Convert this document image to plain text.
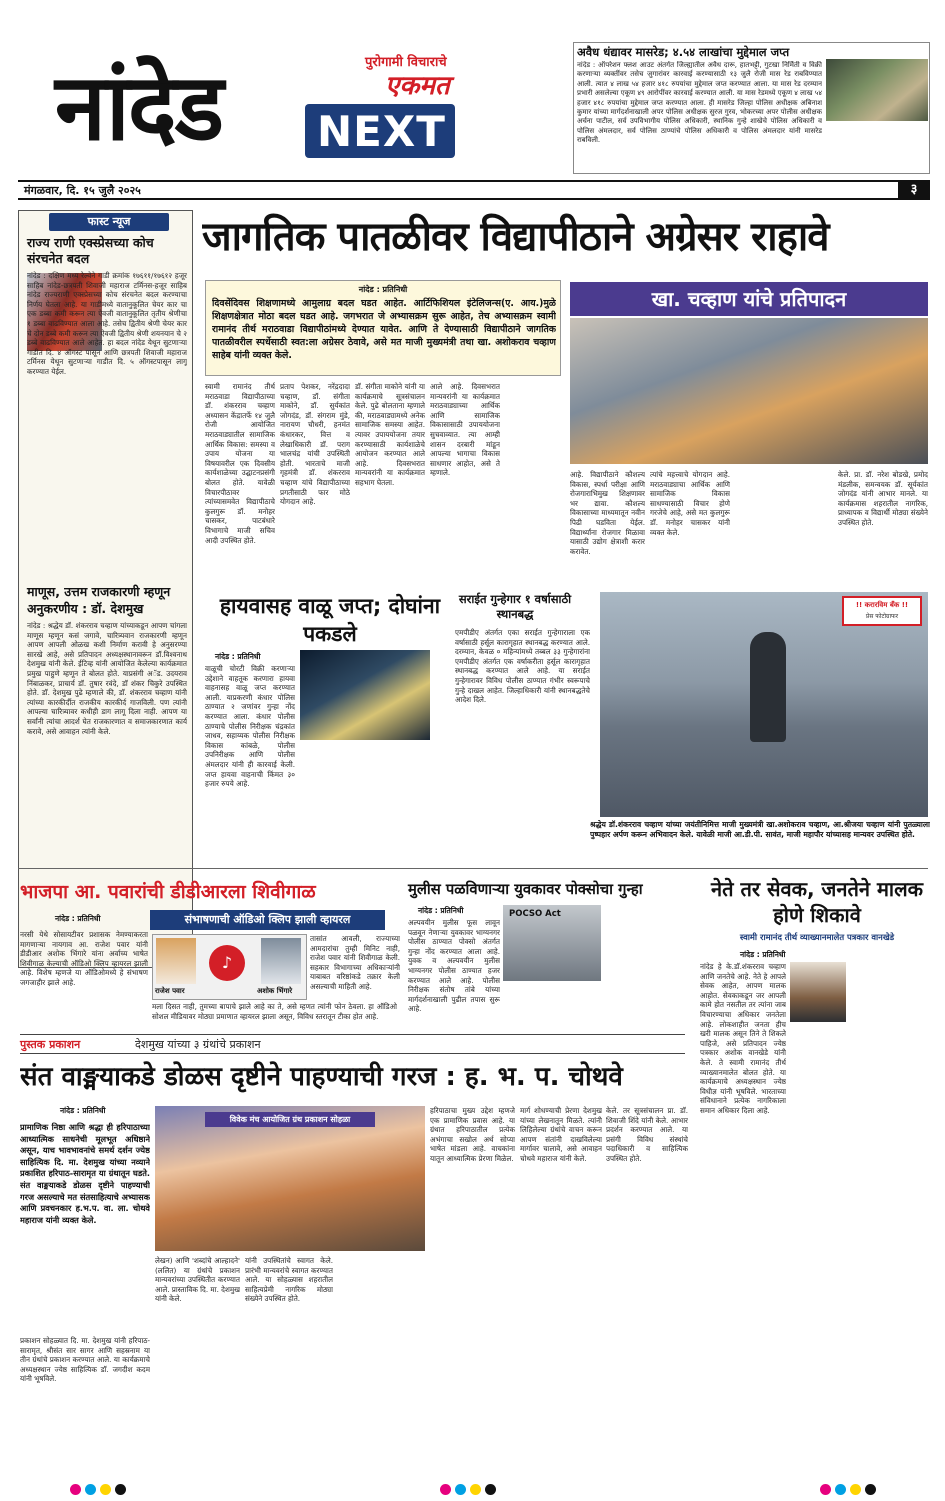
नांदेड	पुरोगामी विचाराचे
एकमत
NEXT
मंगळवार, दि. १५ जुलै २०२५	३
अवैध धंद्यावर मासरेड; ४.५४ लाखांचा मुद्देमाल जप्त
नांदेड : ऑपरेशन फ्लश आउट अंतर्गत जिल्ह्यातील अवैध दारू, हातभट्टी, गुटखा निर्मिती व विक्री करणाऱ्या व्यक्तींवर तसेच जुगारांवर कारवाई करण्यासाठी १३ जुलै रोजी मास रेड राबविण्यात आली. त्यात ४ लाख ५४ हजार ४१८ रुपयांचा मुद्देमाल जप्त करण्यात आला. या मास रेड दरम्यान प्रभारी असलेल्या एकूण ४९ आरोपींवर कारवाई करण्यात आली. या मास रेडमध्ये एकूण ४ लाख ५४ हजार ४१८ रुपयांचा मुद्देमाल जप्त करण्यात आला. ही मासरेड जिल्हा पोलिस अधीक्षक अबिनाश कुमार यांच्या मार्गदर्शनाखाली अपर पोलिस अधीक्षक सुरज गुरव, भोकरच्या अपर पोलीस अधीक्षक अर्चना पाटील, सर्व उपविभागीय पोलिस अधिकारी, स्थानिक गुन्हे शाखेचे पोलिस अधिकारी व पोलिस अंमलदार, सर्व पोलिस ठाण्यांचे पोलिस अधिकारी व पोलिस अंमलदार यांनी मासरेड राबविली.
फास्ट न्यूज
राज्य राणी एक्स्प्रेसच्या कोच संरचनेत बदल
नांदेड : दक्षिण मध्य रेल्वेने गाडी क्रमांक १७६११/१७६१२ हजूर साहिब नांदेड-छत्रपती शिवाजी महाराज टर्मिनस-हजूर साहिब नांदेड राज्यराणी एक्स्प्रेसच्या कोच संरचनेत बदल करण्याचा निर्णय घेतला आहे. या गाडीमध्ये वातानुकूलित चेयर कार चा एक डब्बा कमी करून त्या ऐवजी वातानुकूलित तृतीय श्रेणीचा १ डब्बा वाढविण्यात आला आहे. तसेच द्वितीय श्रेणी चेयर कार चे दोन डब्बे कमी करून त्या ऐवजी द्वितीय श्रेणी शयनयान चे २ डब्बे वाढविण्यात आले आहेत. हा बदल नांदेड येथून सुटणाऱ्या गाडीत दि. ४ ऑगस्ट पासून आणि छत्रपती शिवाजी महाराज टर्मिनस येथून सुटणाऱ्या गाडीत दि. ५ ऑगस्टपासून लागू करण्यात येईल.
माणूस, उत्तम राजकारणी म्हणून अनुकरणीय : डॉ. देशमुख
नांदेड : श्रद्धेय डॉ. शंकरराव चव्हाण यांच्याकडून आपण चांगला माणूस म्हणून कसं जगावे, चारित्र्यवान राजकारणी म्हणून आपण आपली ओळख कशी निर्माण करावी हे अनुसरण्या सारखे आहे, असे प्रतिपादन अध्यक्षस्थानावरून डॉ.विश्वनाथ देशमुख यांनी केले. ईटिव्ह यांनी आयोजित केलेल्या कार्यक्रमात प्रमुख पाहुणे म्हणून ते बोलत होते. याप्रसंगी अॅड. उदयराव निंबाळकर, प्राचार्य डॉ. तुषार रवंदे, डॉ शंकर चिकुरे उपस्थित होते. डॉ. देशमुख पुढे म्हणाले की, डॉ. शंकरराव चव्हाण यांनी त्यांच्या कारकीर्दीत राजकीय कारकीर्द गाजविली. पण त्यांनी आपल्या चारित्र्यावर कधीही डाग लागू दिला नाही. आपण या सर्वांनी त्यांचा आदर्श घेत राजकारणात व समाजकारणात कार्य करावे, असे आवाहन त्यांनी केले.
जागतिक पातळीवर विद्यापीठाने अग्रेसर राहावे
नांदेड : प्रतिनिधी
दिवसेंदिवस शिक्षणामध्ये आमुलाग्र बदल घडत आहेत. आर्टिफिशियल इंटेलिजन्स(ए. आय.)मुळे शिक्षणक्षेत्रात मोठा बदल घडत आहे. जगभरात जे अभ्यासक्रम सुरू आहेत, तेच अभ्यासक्रम स्वामी रामानंद तीर्थ मराठवाडा विद्यापीठांमध्ये देण्यात यावेत. आणि ते देण्यासाठी विद्यापीठाने जागतिक पातळीवरील स्पर्धेसाठी स्वत:ला अग्रेसर ठेवावे, असे मत माजी मुख्यमंत्री तथा खा. अशोकराव चव्हाण साहेब यांनी व्यक्त केले.
खा. चव्हाण यांचे प्रतिपादन
स्वामी रामानंद तीर्थ मराठवाडा विद्यापीठाच्या डॉ. शंकरराव चव्हाण अध्यासन केंद्रातर्फे १४ जुलै रोजी आयोजित मराठवाड्यातील सामाजिक आर्थिक विकास: समस्या व उपाय योजना या विषयावरील एक दिवसीय कार्यशाळेच्या उद्घाटनप्रसंगी बोलत होते. यावेळी विचारपीठावर त्यांच्यासमवेत विद्यापीठाचे कुलगुरू डॉ. मनोहर चासकर, पाटबंधारे विभागाचे माजी सचिव आदी उपस्थित होते.
प्रताप पेशकर, नरेंद्रदादा चव्हाण, डॉ. संगीता माकोने, डॉ. सुर्यकांत जोगदंड, डॉ. संगराम मुंडे, नारायण चौधरी, हनमंत कंधारकर, वित्त व लेखाधिकारी डॉ. पराग भालचंद्र यांची उपस्थिती होती. भारताचे माजी गृहमंत्री डॉ. शंकरराव चव्हाण यांचे विद्यापीठाच्या प्रगतीसाठी फार मोठे योगदान आहे.
डॉ. संगीता माकोने यांनी या कार्यक्रमाचे सूत्रसंचालन केले. पुढे बोलताना म्हणाले की, मराठवाड्यामध्ये अनेक सामाजिक समस्या आहेत. त्यावर उपाययोजना तयार करण्यासाठी कार्यशाळेचे आयोजन करण्यात आले आहे. दिवसभरात मान्यवरांनी या कार्यक्रमात सहभाग घेतला.
आले आहे. दिवसभरात मान्यवरांनी या कार्यक्रमात मराठवाड्याच्या आर्थिक आणि सामाजिक विकासासाठी उपाययोजना सुचवाव्यात. त्या आम्ही शासन दरबारी मांडून आपल्या भागाचा विकास साधणार आहोत, असे ते म्हणाले.	आहे. विद्यापीठाने कौशल्य विकास, स्पर्धा परीक्षा आणि रोजगाराभिमुख शिक्षणावर भर द्यावा. कौशल्य विकासाच्या माध्यमातून नवीन पिढी घडविता येईल. विद्यार्थ्यांना रोजगार मिळावा यासाठी उद्योग क्षेत्राशी करार करावेत.
त्यांचे महत्त्वाचे योगदान आहे. मराठवाड्याचा आर्थिक आणि सामाजिक विकास साधण्यासाठी विचार होणे गरजेचे आहे, असे मत कुलगुरू डॉ. मनोहर चासकर यांनी व्यक्त केले.
केले. प्रा. डॉ. नरेश बोडखे, प्रमोद मंडलीक, समन्वयक डॉ. सूर्यकांत जोगदंड यांनी आभार मानले. या कार्यक्रमास शहरातील नागरिक, प्राध्यापक व विद्यार्थी मोठ्या संख्येने उपस्थित होते.
हायवासह वाळू जप्त; दोघांना पकडले
नांदेड : प्रतिनिधी
वाळूची चोरटी विक्री करणाऱ्या उद्देशाने वाहतूक करणारा हायवा वाहनासह वाळू जप्त करण्यात आली. याप्रकरणी कंधार पोलिस ठाण्यात २ जणांवर गुन्हा नोंद करण्यात आला. कंधार पोलीस ठाण्याचे पोलीस निरीक्षक चंद्रकांत जाधव, सहाय्यक पोलीस निरीक्षक विकास कांबळे, पोलीस उपनिरीक्षक आणि पोलीस अंमलदार यांनी ही कारवाई केली. जप्त हायवा वाहनाची किंमत ३० हजार रुपये आहे.
सराईत गुन्हेगार १ वर्षासाठी स्थानबद्ध
एमपीडीए अंतर्गत एका सराईत गुन्हेगाराला एक वर्षासाठी हर्सूल कारागृहात स्थानबद्ध करण्यात आले. दरम्यान, केवळ ० महिन्यांमध्ये तब्बल ३३ गुन्हेगारांना एमपीडीए अंतर्गत एक वर्षाकरीता हर्सूल कारागृहात स्थानबद्ध करण्यात आले आहे. या सराईत गुन्हेगारावर विविध पोलीस ठाण्यात गंभीर स्वरूपाचे गुन्हे दाखल आहेत. जिल्हाधिकारी यांनी स्थानबद्धतेचे आदेश दिले.
!! करारविम बँक !!
प्रेस फोटोग्राफर
श्रद्धेय डॉ.शंकरराव चव्हाण यांच्या जयंतीनिमित्त माजी मुख्यमंत्री खा.अशोकराव चव्हाण, आ.श्रीजया चव्हाण यांनी पुतळ्याला पुष्पहार अर्पण करून अभिवादन केले. यावेळी माजी आ.डी.पी. सावंत, माजी महापौर यांच्यासह मान्यवर उपस्थित होते.
भाजपा आ. पवारांची डीडीआरला शिवीगाळ
संभाषणाची ऑडिओ क्लिप झाली व्हायरल
नांदेड : प्रतिनिधी
नरसी येथे सोसायटीवर प्रशासक नेमण्याकरता मागणाऱ्या नायगाव आ. राजेश पवार यांनी डीडीआर अशोक भिंगारे यांना अर्वाच्य भाषेत शिवीगाळ केल्याची ऑडिओ क्लिप व्हायरल झाली आहे. विशेष म्हणजे या ऑडिओमध्ये हे संभाषण जगजाहीर झाले आहे.
♪
राजेश पवार	अशोक भिंगारे
तासांत आवली, राज्याच्या आमदारांचा तुम्ही मिनिट नाही, राजेश पवार यांनी शिवीगाळ केली. सहकार विभागाच्या अधिकाऱ्यांनी याबाबत वरिष्ठांकडे तक्रार केली असल्याची माहिती आहे.
मला दिसत नाही, तुमच्या बापाचे झाले आहे का ते, असे म्हणत त्यांनी फोन ठेवला. हा ऑडिओ सोशल मीडियावर मोठ्या प्रमाणात व्हायरल झाला असून, विविध स्तरातून टीका होत आहे.
मुलीस पळविणाऱ्या युवकावर पोक्सोचा गुन्हा
नांदेड : प्रतिनिधी	POCSO Act
अल्पवयीन मुलीस फूस लावून पळवून नेणाऱ्या युवकावर भाग्यनगर पोलीस ठाण्यात पोक्सो अंतर्गत गुन्हा नोंद करण्यात आला आहे. युवक व अल्पवयीन मुलीस भाग्यनगर पोलीस ठाण्यात हजर करण्यात आले आहे. पोलीस निरीक्षक संतोष तांबे यांच्या मार्गदर्शनाखाली पुढील तपास सुरू आहे.
नेते तर सेवक, जनतेने मालक होणे शिकावे
स्वामी रामानंद तीर्थ व्याख्यानमालेत पत्रकार वानखेडे
नांदेड : प्रतिनिधी
नांदेड हे के.डॉ.शंकरराव चव्हाण आणि जनतेचे आहे. नेते हे आपले सेवक आहेत, आपण मालक आहोत. सेवकाकडून जर आपली कामे होत नसतील तर त्यांना जाब विचारण्याचा अधिकार जनतेला आहे. लोकशाहीत जनता हीच खरी मालक असून तिने ते शिकले पाहिजे, असे प्रतिपादन ज्येष्ठ पत्रकार अशोक वानखेडे यांनी केले. ते स्वामी रामानंद तीर्थ व्याख्यानमालेत बोलत होते. या कार्यक्रमाचे अध्यक्षस्थान ज्येष्ठ विधीज्ञ यांनी भूषविले. भारताच्या संविधानाने प्रत्येक नागरिकाला समान अधिकार दिला आहे.
पुस्तक प्रकाशन	देशमुख यांच्या ३ ग्रंथांचे प्रकाशन
संत वाङ्मयाकडे डोळस दृष्टीने पाहण्याची गरज : ह. भ. प. चोथवे
नांदेड : प्रतिनिधी
प्रामाणिक निष्ठा आणि श्रद्धा ही हरिपाठाच्या आध्यात्मिक साधनेची मूलभूत अधिष्ठाने असून, याच भावभावनांचे समर्थ दर्शन ज्येष्ठ साहित्यिक दि. मा. देशमुख यांच्या नव्याने प्रकाशित हरिपाठ-सारामृत या ग्रंथातून घडते. संत वाङ्मयाकडे डोळस दृष्टीने पाहण्याची गरज असल्याचे मत संतसाहित्याचे अभ्यासक आणि प्रवचनकार ह.भ.प. वा. ला. चोथवे महाराज यांनी व्यक्त केले.
विवेक मंच आयोजित ग्रंथ प्रकाशन सोहळा
प्रकाशन सोहळ्यात दि. मा. देशमुख यांनी हरिपाठ-सारामृत, श्रीसंत सार सागर आणि सहस्रनाम या तीन ग्रंथांचे प्रकाशन करण्यात आले. या कार्यक्रमाचे अध्यक्षस्थान ज्येष्ठ साहित्यिक डॉ. जगदीश कदम यांनी भूषविले.
लेखन) आणि 'शब्दांचे आल्हादने' (ललित) या ग्रंथांचे प्रकाशन मान्यवरांच्या उपस्थितीत करण्यात आले. प्रास्ताविक दि. मा. देशमुख यांनी केले.
यांनी उपस्थितांचे स्वागत केले. प्रारंभी मान्यवरांचे स्वागत करण्यात आले. या सोहळ्यास शहरातील साहित्यप्रेमी नागरिक मोठ्या संख्येने उपस्थित होते.
हरिपाठाचा मुख्य उद्देश म्हणजे एक प्रामाणिक प्रवास आहे. या ग्रंथात हरिपाठातील प्रत्येक अभंगाचा सखोल अर्थ सोप्या भाषेत मांडला आहे. वाचकांना यातून आध्यात्मिक प्रेरणा मिळेल.
मार्ग शोधण्याची प्रेरणा देशमुख यांच्या लेखनातून मिळते. त्यांनी लिहिलेल्या ग्रंथांचे वाचन करून आपण संतांनी दाखविलेल्या मार्गावर चालावे, असे आवाहन चोथवे महाराज यांनी केले.
केले. तर सूत्रसंचालन प्रा. डॉ. शिवाजी शिंदे यांनी केले. आभार प्रदर्शन करण्यात आले. या प्रसंगी विविध संस्थांचे पदाधिकारी व साहित्यिक उपस्थित होते.
